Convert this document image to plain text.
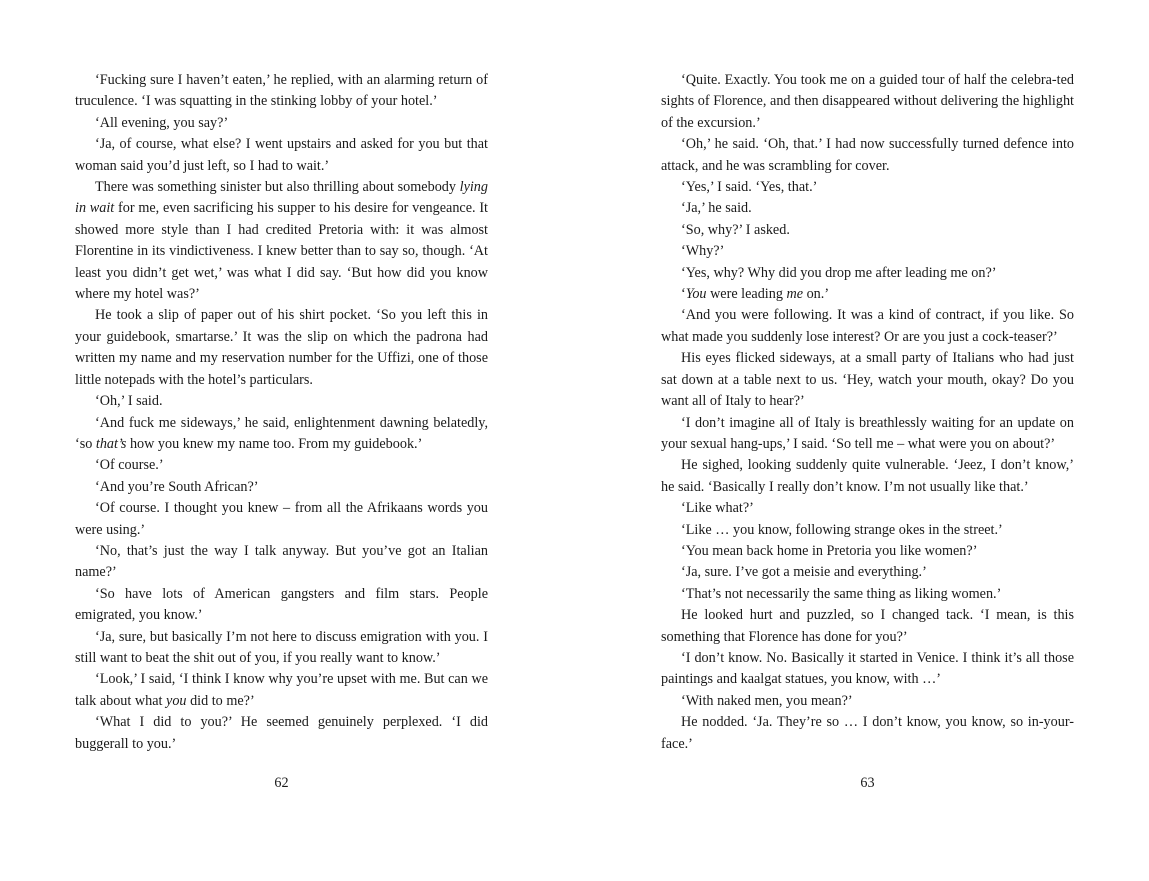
‘Fucking sure I haven’t eaten,’ he replied, with an alarming return of truculence. ‘I was squatting in the stinking lobby of your hotel.’

‘All evening, you say?’

‘Ja, of course, what else? I went upstairs and asked for you but that woman said you’d just left, so I had to wait.’

There was something sinister but also thrilling about somebody lying in wait for me, even sacrificing his supper to his desire for vengeance. It showed more style than I had credited Pretoria with: it was almost Florentine in its vindictiveness. I knew better than to say so, though. ‘At least you didn’t get wet,’ was what I did say. ‘But how did you know where my hotel was?’

He took a slip of paper out of his shirt pocket. ‘So you left this in your guidebook, smartarse.’ It was the slip on which the padrona had written my name and my reservation number for the Uffizi, one of those little notepads with the hotel’s particulars.

‘Oh,’ I said.

‘And fuck me sideways,’ he said, enlightenment dawning belatedly, ‘so that’s how you knew my name too. From my guidebook.’

‘Of course.’

‘And you’re South African?’

‘Of course. I thought you knew – from all the Afrikaans words you were using.’

‘No, that’s just the way I talk anyway. But you’ve got an Italian name?’

‘So have lots of American gangsters and film stars. People emigrated, you know.’

‘Ja, sure, but basically I’m not here to discuss emigration with you. I still want to beat the shit out of you, if you really want to know.’

‘Look,’ I said, ‘I think I know why you’re upset with me. But can we talk about what you did to me?’

‘What I did to you?’ He seemed genuinely perplexed. ‘I did buggerall to you.’

62

‘Quite. Exactly. You took me on a guided tour of half the celebra-ted sights of Florence, and then disappeared without delivering the highlight of the excursion.’

‘Oh,’ he said. ‘Oh, that.’ I had now successfully turned defence into attack, and he was scrambling for cover.

‘Yes,’ I said. ‘Yes, that.’

‘Ja,’ he said.

‘So, why?’ I asked.

‘Why?’

‘Yes, why? Why did you drop me after leading me on?’

‘You were leading me on.’

‘And you were following. It was a kind of contract, if you like. So what made you suddenly lose interest? Or are you just a cock-teaser?’

His eyes flicked sideways, at a small party of Italians who had just sat down at a table next to us. ‘Hey, watch your mouth, okay? Do you want all of Italy to hear?’

‘I don’t imagine all of Italy is breathlessly waiting for an update on your sexual hang-ups,’ I said. ‘So tell me – what were you on about?’

He sighed, looking suddenly quite vulnerable. ‘Jeez, I don’t know,’ he said. ‘Basically I really don’t know. I’m not usually like that.’

‘Like what?’

‘Like … you know, following strange okes in the street.’

‘You mean back home in Pretoria you like women?’

‘Ja, sure. I’ve got a meisie and everything.’

‘That’s not necessarily the same thing as liking women.’

He looked hurt and puzzled, so I changed tack. ‘I mean, is this something that Florence has done for you?’

‘I don’t know. No. Basically it started in Venice. I think it’s all those paintings and kaalgat statues, you know, with …’

‘With naked men, you mean?’

He nodded. ‘Ja. They’re so … I don’t know, you know, so in-your-face.’

63
